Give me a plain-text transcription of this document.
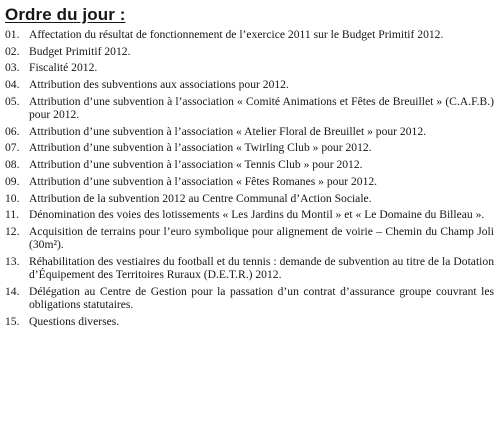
Ordre du jour :
01. Affectation du résultat de fonctionnement de l’exercice 2011 sur le Budget Primitif 2012.
02. Budget Primitif 2012.
03. Fiscalité 2012.
04. Attribution des subventions aux associations pour 2012.
05. Attribution d’une subvention à l’association « Comité Animations et Fêtes de Breuillet » (C.A.F.B.) pour 2012.
06. Attribution d’une subvention à l’association « Atelier Floral de Breuillet » pour 2012.
07. Attribution d’une subvention à l’association « Twirling Club » pour 2012.
08. Attribution d’une subvention à l’association « Tennis Club » pour 2012.
09. Attribution d’une subvention à l’association « Fêtes Romanes » pour 2012.
10. Attribution de la subvention 2012 au Centre Communal d’Action Sociale.
11. Dénomination des voies des lotissements « Les Jardins du Montil » et « Le Domaine du Billeau ».
12. Acquisition de terrains pour l’euro symbolique pour alignement de voirie – Chemin du Champ Joli (30m²).
13. Réhabilitation des vestiaires du football et du tennis : demande de subvention au titre de la Dotation d’Équipement des Territoires Ruraux (D.E.T.R.) 2012.
14. Délégation au Centre de Gestion pour la passation d’un contrat d’assurance groupe couvrant les obligations statutaires.
15. Questions diverses.
